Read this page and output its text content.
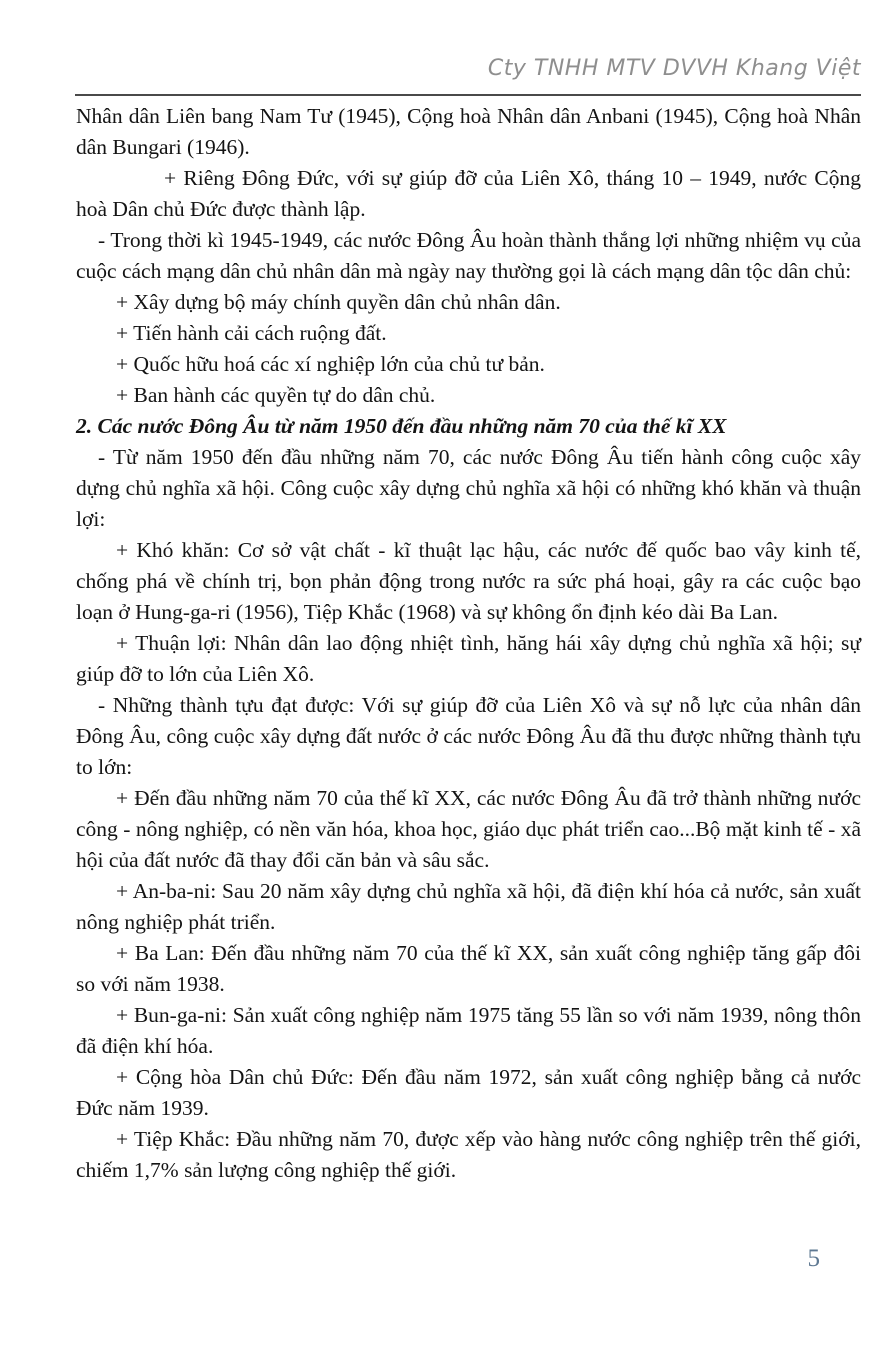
Cty TNHH MTV DVVH Khang Việt

Nhân dân Liên bang Nam Tư (1945), Cộng hoà Nhân dân Anbani (1945), Cộng hoà Nhân dân Bungari (1946).

+ Riêng Đông Đức, với sự giúp đỡ của Liên Xô, tháng 10 – 1949, nước Cộng hoà Dân chủ Đức được thành lập.

- Trong thời kì 1945-1949, các nước Đông Âu hoàn thành thắng lợi những nhiệm vụ của cuộc cách mạng dân chủ nhân dân mà ngày nay thường gọi là cách mạng dân tộc dân chủ:

+ Xây dựng bộ máy chính quyền dân chủ nhân dân.

+ Tiến hành cải cách ruộng đất.

+ Quốc hữu hoá các xí nghiệp lớn của chủ tư bản.

+ Ban hành các quyền tự do dân chủ.

2. Các nước Đông Âu từ năm 1950 đến đầu những năm 70 của thế kĩ XX

- Từ năm 1950 đến đầu những năm 70, các nước Đông Âu tiến hành công cuộc xây dựng chủ nghĩa xã hội. Công cuộc xây dựng chủ nghĩa xã hội có những khó khăn và thuận lợi:

+ Khó khăn: Cơ sở vật chất - kĩ thuật lạc hậu, các nước đế quốc bao vây kinh tế, chống phá về chính trị, bọn phản động trong nước ra sức phá hoại, gây ra các cuộc bạo loạn ở Hung-ga-ri (1956), Tiệp Khắc (1968) và sự không ổn định kéo dài Ba Lan.

+ Thuận lợi: Nhân dân lao động nhiệt tình, hăng hái xây dựng chủ nghĩa xã hội; sự giúp đỡ to lớn của Liên Xô.

- Những thành tựu đạt được: Với sự giúp đỡ của Liên Xô và sự nỗ lực của nhân dân Đông Âu, công cuộc xây dựng đất nước ở các nước Đông Âu đã thu được những thành tựu to lớn:

+ Đến đầu những năm 70 của thế kĩ XX, các nước Đông Âu đã trở thành những nước công - nông nghiệp, có nền văn hóa, khoa học, giáo dục phát triển cao...Bộ mặt kinh tế - xã hội của đất nước đã thay đổi căn bản và sâu sắc.

+ An-ba-ni: Sau 20 năm xây dựng chủ nghĩa xã hội, đã điện khí hóa cả nước, sản xuất nông nghiệp phát triển.

+ Ba Lan: Đến đầu những năm 70 của thế kĩ XX, sản xuất công nghiệp tăng gấp đôi so với năm 1938.

+ Bun-ga-ni: Sản xuất công nghiệp năm 1975 tăng 55 lần so với năm 1939, nông thôn đã điện khí hóa.

+ Cộng hòa Dân chủ Đức: Đến đầu năm 1972, sản xuất công nghiệp bằng cả nước Đức năm 1939.

+ Tiệp Khắc: Đầu những năm 70, được xếp vào hàng nước công nghiệp trên thế giới, chiếm 1,7% sản lượng công nghiệp thế giới.

5
